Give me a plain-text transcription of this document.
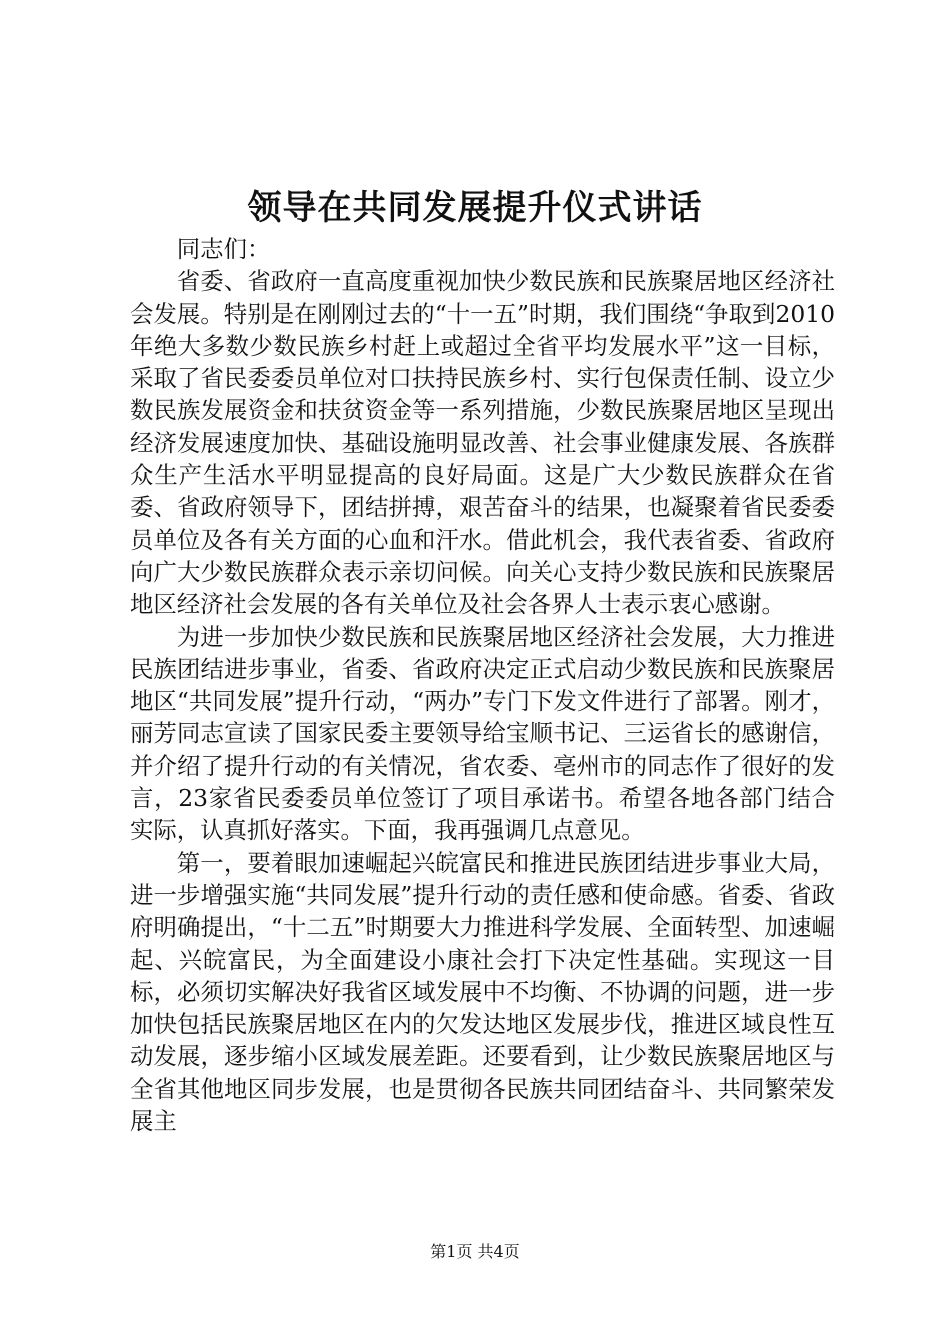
领导在共同发展提升仪式讲话

同志们：

省委、省政府一直高度重视加快少数民族和民族聚居地区经济社会发展。特别是在刚刚过去的“十一五”时期，我们围绕“争取到2010年绝大多数少数民族乡村赶上或超过全省平均发展水平”这一目标，采取了省民委委员单位对口扶持民族乡村、实行包保责任制、设立少数民族发展资金和扶贫资金等一系列措施，少数民族聚居地区呈现出经济发展速度加快、基础设施明显改善、社会事业健康发展、各族群众生产生活水平明显提高的良好局面。这是广大少数民族群众在省委、省政府领导下，团结拼搏，艰苦奋斗的结果，也凝聚着省民委委员单位及各有关方面的心血和汗水。借此机会，我代表省委、省政府向广大少数民族群众表示亲切问候。向关心支持少数民族和民族聚居地区经济社会发展的各有关单位及社会各界人士表示衷心感谢。

为进一步加快少数民族和民族聚居地区经济社会发展，大力推进民族团结进步事业，省委、省政府决定正式启动少数民族和民族聚居地区“共同发展”提升行动，“两办”专门下发文件进行了部署。刚才，丽芳同志宣读了国家民委主要领导给宝顺书记、三运省长的感谢信，并介绍了提升行动的有关情况，省农委、亳州市的同志作了很好的发言，23家省民委委员单位签订了项目承诺书。希望各地各部门结合实际，认真抓好落实。下面，我再强调几点意见。

第一，要着眼加速崛起兴皖富民和推进民族团结进步事业大局，进一步增强实施“共同发展”提升行动的责任感和使命感。省委、省政府明确提出，“十二五”时期要大力推进科学发展、全面转型、加速崛起、兴皖富民，为全面建设小康社会打下决定性基础。实现这一目标，必须切实解决好我省区域发展中不均衡、不协调的问题，进一步加快包括民族聚居地区在内的欠发达地区发展步伐，推进区域良性互动发展，逐步缩小区域发展差距。还要看到，让少数民族聚居地区与全省其他地区同步发展，也是贯彻各民族共同团结奋斗、共同繁荣发展主

第1页 共4页
